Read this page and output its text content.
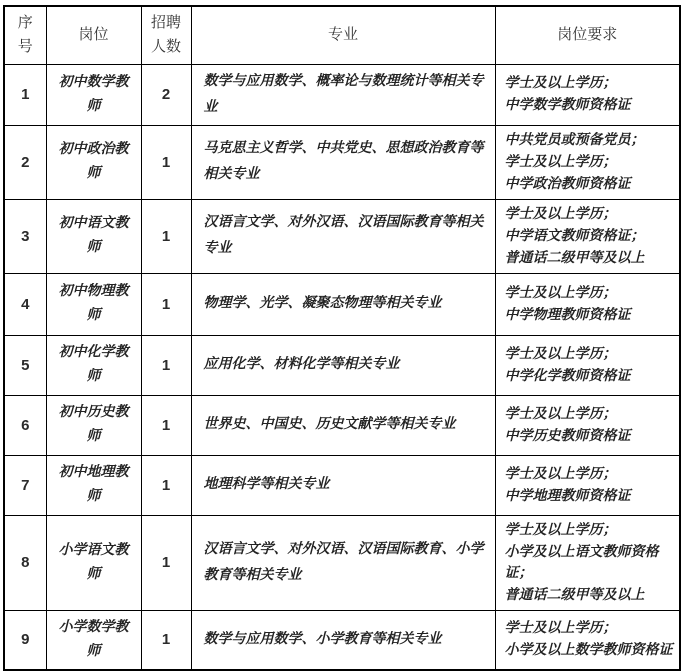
序号	岗位	招聘人数	专业	岗位要求
1	初中数学教师	2	数学与应用数学、概率论与数理统计等相关专业	学士及以上学历；
中学数学教师资格证

2	初中政治教师	1	马克思主义哲学、中共党史、思想政治教育等相关专业	中共党员或预备党员；
学士及以上学历；
中学政治教师资格证

3	初中语文教师	1	汉语言文学、对外汉语、汉语国际教育等相关专业	学士及以上学历；
中学语文教师资格证；
普通话二级甲等及以上

4	初中物理教师	1	物理学、光学、凝聚态物理等相关专业	学士及以上学历；
中学物理教师资格证

5	初中化学教师	1	应用化学、材料化学等相关专业	学士及以上学历；
中学化学教师资格证

6	初中历史教师	1	世界史、中国史、历史文献学等相关专业	学士及以上学历；
中学历史教师资格证

7	初中地理教师	1	地理科学等相关专业	学士及以上学历；
中学地理教师资格证

8	小学语文教师	1	汉语言文学、对外汉语、汉语国际教育、小学教育等相关专业	学士及以上学历；
小学及以上语文教师资格证；
普通话二级甲等及以上

9	小学数学教师	1	数学与应用数学、小学教育等相关专业	学士及以上学历；
小学及以上数学教师资格证
